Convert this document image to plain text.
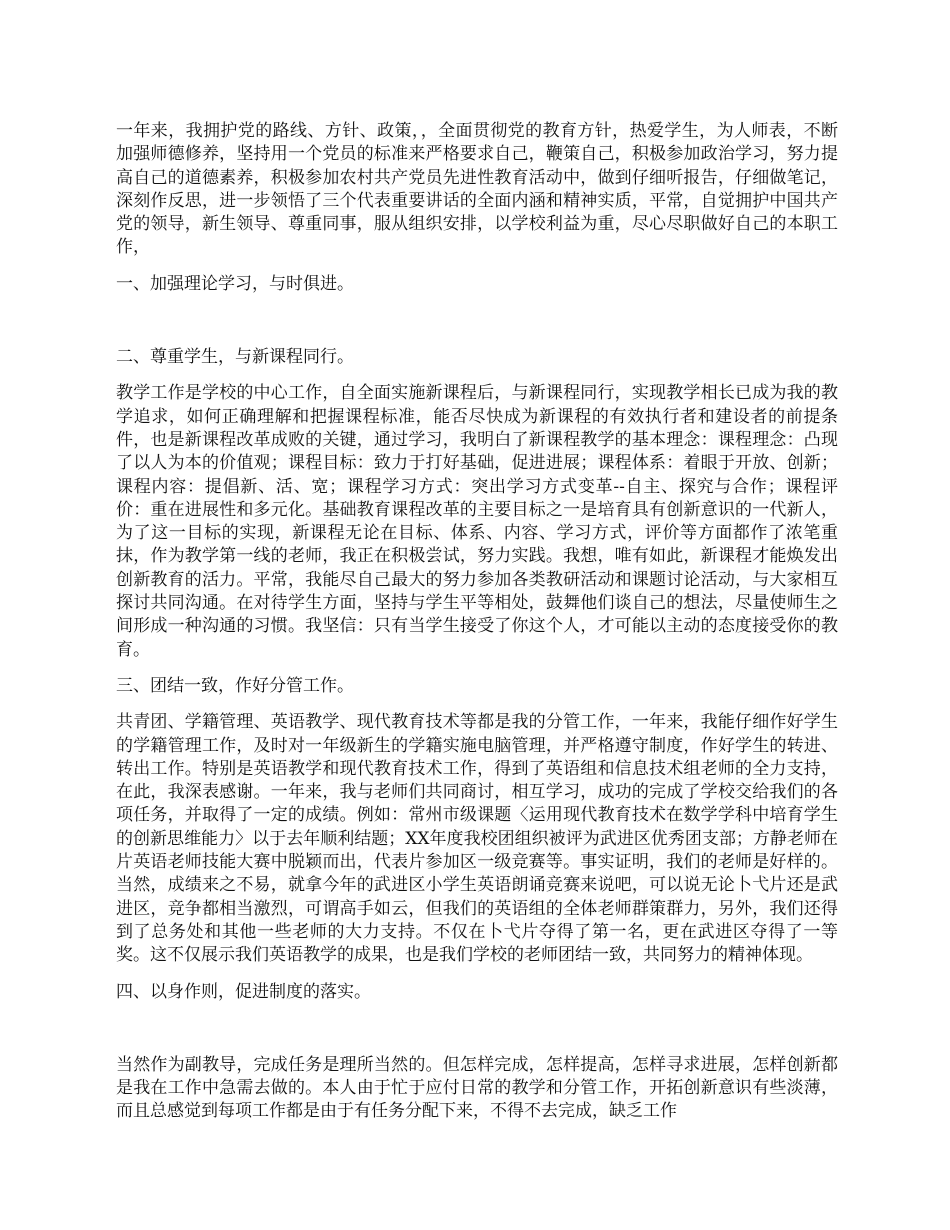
一年来，我拥护党的路线、方针、政策，，全面贯彻党的教育方针，热爱学生，为人师表，不断加强师德修养，坚持用一个党员的标准来严格要求自己，鞭策自己，积极参加政治学习，努力提高自己的道德素养，积极参加农村共产党员先进性教育活动中，做到仔细听报告，仔细做笔记，深刻作反思，进一步领悟了三个代表重要讲话的全面内涵和精神实质，平常，自觉拥护中国共产党的领导，新生领导、尊重同事，服从组织安排，以学校利益为重，尽心尽职做好自己的本职工作，

一、加强理论学习，与时俱进。

二、尊重学生，与新课程同行。

教学工作是学校的中心工作，自全面实施新课程后，与新课程同行，实现教学相长已成为我的教学追求，如何正确理解和把握课程标准，能否尽快成为新课程的有效执行者和建设者的前提条件，也是新课程改革成败的关键，通过学习，我明白了新课程教学的基本理念：课程理念：凸现了以人为本的价值观；课程目标：致力于打好基础，促进进展；课程体系：着眼于开放、创新；课程内容：提倡新、活、宽；课程学习方式：突出学习方式变革--自主、探究与合作；课程评价：重在进展性和多元化。基础教育课程改革的主要目标之一是培育具有创新意识的一代新人，为了这一目标的实现，新课程无论在目标、体系、内容、学习方式，评价等方面都作了浓笔重抹，作为教学第一线的老师，我正在积极尝试，努力实践。我想，唯有如此，新课程才能焕发出创新教育的活力。平常，我能尽自己最大的努力参加各类教研活动和课题讨论活动，与大家相互探讨共同沟通。在对待学生方面，坚持与学生平等相处，鼓舞他们谈自己的想法，尽量使师生之间形成一种沟通的习惯。我坚信：只有当学生接受了你这个人，才可能以主动的态度接受你的教育。

三、团结一致，作好分管工作。

共青团、学籍管理、英语教学、现代教育技术等都是我的分管工作，一年来，我能仔细作好学生的学籍管理工作，及时对一年级新生的学籍实施电脑管理，并严格遵守制度，作好学生的转进、转出工作。特别是英语教学和现代教育技术工作，得到了英语组和信息技术组老师的全力支持，在此，我深表感谢。一年来，我与老师们共同商讨，相互学习，成功的完成了学校交给我们的各项任务，并取得了一定的成绩。例如：常州市级课题〈运用现代教育技术在数学学科中培育学生的创新思维能力〉以于去年顺利结题；XX年度我校团组织被评为武进区优秀团支部；方静老师在片英语老师技能大赛中脱颖而出，代表片参加区一级竞赛等。事实证明，我们的老师是好样的。当然，成绩来之不易，就拿今年的武进区小学生英语朗诵竞赛来说吧，可以说无论卜弋片还是武进区，竞争都相当激烈，可谓高手如云，但我们的英语组的全体老师群策群力，另外，我们还得到了总务处和其他一些老师的大力支持。不仅在卜弋片夺得了第一名，更在武进区夺得了一等奖。这不仅展示我们英语教学的成果，也是我们学校的老师团结一致，共同努力的精神体现。

四、以身作则，促进制度的落实。

当然作为副教导，完成任务是理所当然的。但怎样完成，怎样提高，怎样寻求进展，怎样创新都是我在工作中急需去做的。本人由于忙于应付日常的教学和分管工作，开拓创新意识有些淡薄，而且总感觉到每项工作都是由于有任务分配下来，不得不去完成，缺乏工作
